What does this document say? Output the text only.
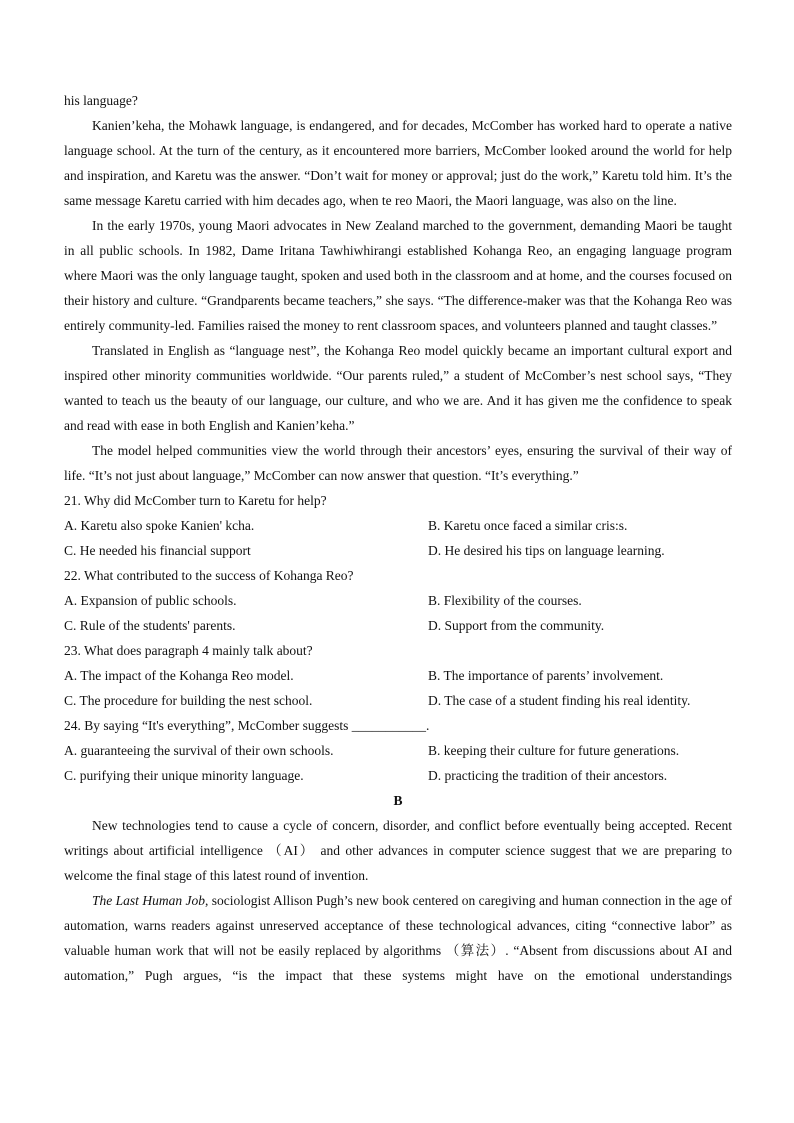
his language?

Kanien’keha, the Mohawk language, is endangered, and for decades, McComber has worked hard to operate a native language school. At the turn of the century, as it encountered more barriers, McComber looked around the world for help and inspiration, and Karetu was the answer. “Don’t wait for money or approval; just do the work,” Karetu told him. It’s the same message Karetu carried with him decades ago, when te reo Maori, the Maori language, was also on the line.

In the early 1970s, young Maori advocates in New Zealand marched to the government, demanding Maori be taught in all public schools. In 1982, Dame Iritana Tawhiwhirangi established Kohanga Reo, an engaging language program where Maori was the only language taught, spoken and used both in the classroom and at home, and the courses focused on their history and culture. “Grandparents became teachers,” she says. “The difference-maker was that the Kohanga Reo was entirely community-led. Families raised the money to rent classroom spaces, and volunteers planned and taught classes.”

Translated in English as “language nest”, the Kohanga Reo model quickly became an important cultural export and inspired other minority communities worldwide. “Our parents ruled,” a student of McComber’s nest school says, “They wanted to teach us the beauty of our language, our culture, and who we are. And it has given me the confidence to speak and read with ease in both English and Kanien’keha.”

The model helped communities view the world through their ancestors’ eyes, ensuring the survival of their way of life. “It’s not just about language,” McComber can now answer that question. “It’s everything.”

21. Why did McComber turn to Karetu for help?
A. Karetu also spoke Kanien' kcha.	B. Karetu once faced a similar cris:s.
C. He needed his financial support	D. He desired his tips on language learning.
22. What contributed to the success of Kohanga Reo?
A. Expansion of public schools.	B. Flexibility of the courses.
C. Rule of the students' parents.	D. Support from the community.
23. What does paragraph 4 mainly talk about?
A. The impact of the Kohanga Reo model.	B. The importance of parents’ involvement.
C. The procedure for building the nest school.	D. The case of a student finding his real identity.
24. By saying “It's everything”, McComber suggests ___________.
A. guaranteeing the survival of their own schools.	B. keeping their culture for future generations.
C. purifying their unique minority language.	D. practicing the tradition of their ancestors.
B

New technologies tend to cause a cycle of concern, disorder, and conflict before eventually being accepted. Recent writings about artificial intelligence （AI） and other advances in computer science suggest that we are preparing to welcome the final stage of this latest round of invention.

The Last Human Job, sociologist Allison Pugh’s new book centered on caregiving and human connection in the age of automation, warns readers against unreserved acceptance of these technological advances, citing “connective labor” as valuable human work that will not be easily replaced by algorithms （算法）. “Absent from discussions about AI and automation,” Pugh argues, “is the impact that these systems might have on the emotional understandings
